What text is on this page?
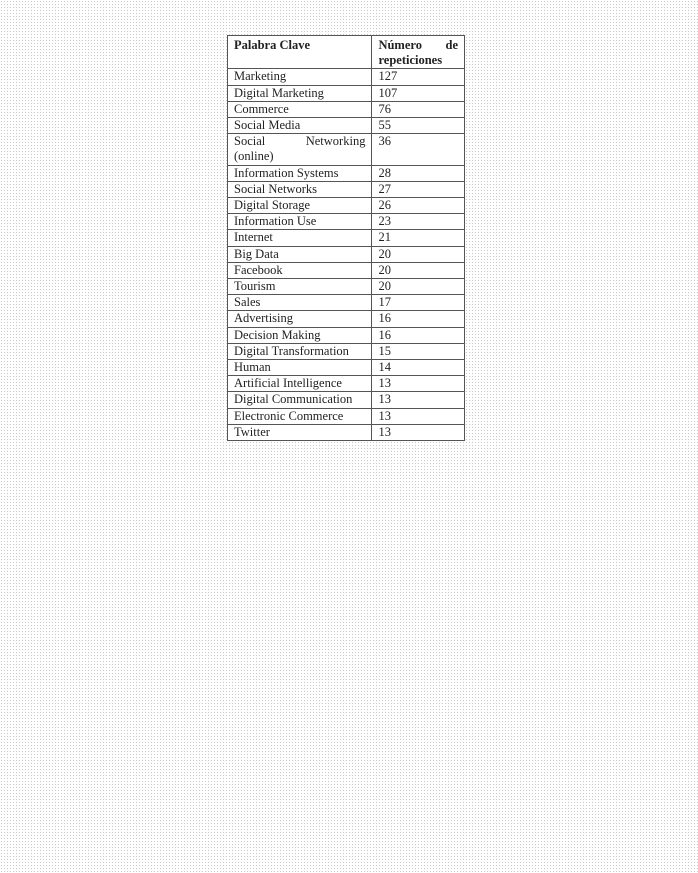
Palabra Clave	Número de
repeticiones

Marketing	127
Digital Marketing	107
Commerce	76
Social Media	55

Social Networking
(online)	36
Information Systems	28
Social Networks	27
Digital Storage	26
Information Use	23
Internet	21
Big Data	20
Facebook	20
Tourism	20
Sales	17
Advertising	16
Decision Making	16
Digital Transformation	15
Human	14
Artificial Intelligence	13
Digital Communication	13
Electronic Commerce	13
Twitter	13
